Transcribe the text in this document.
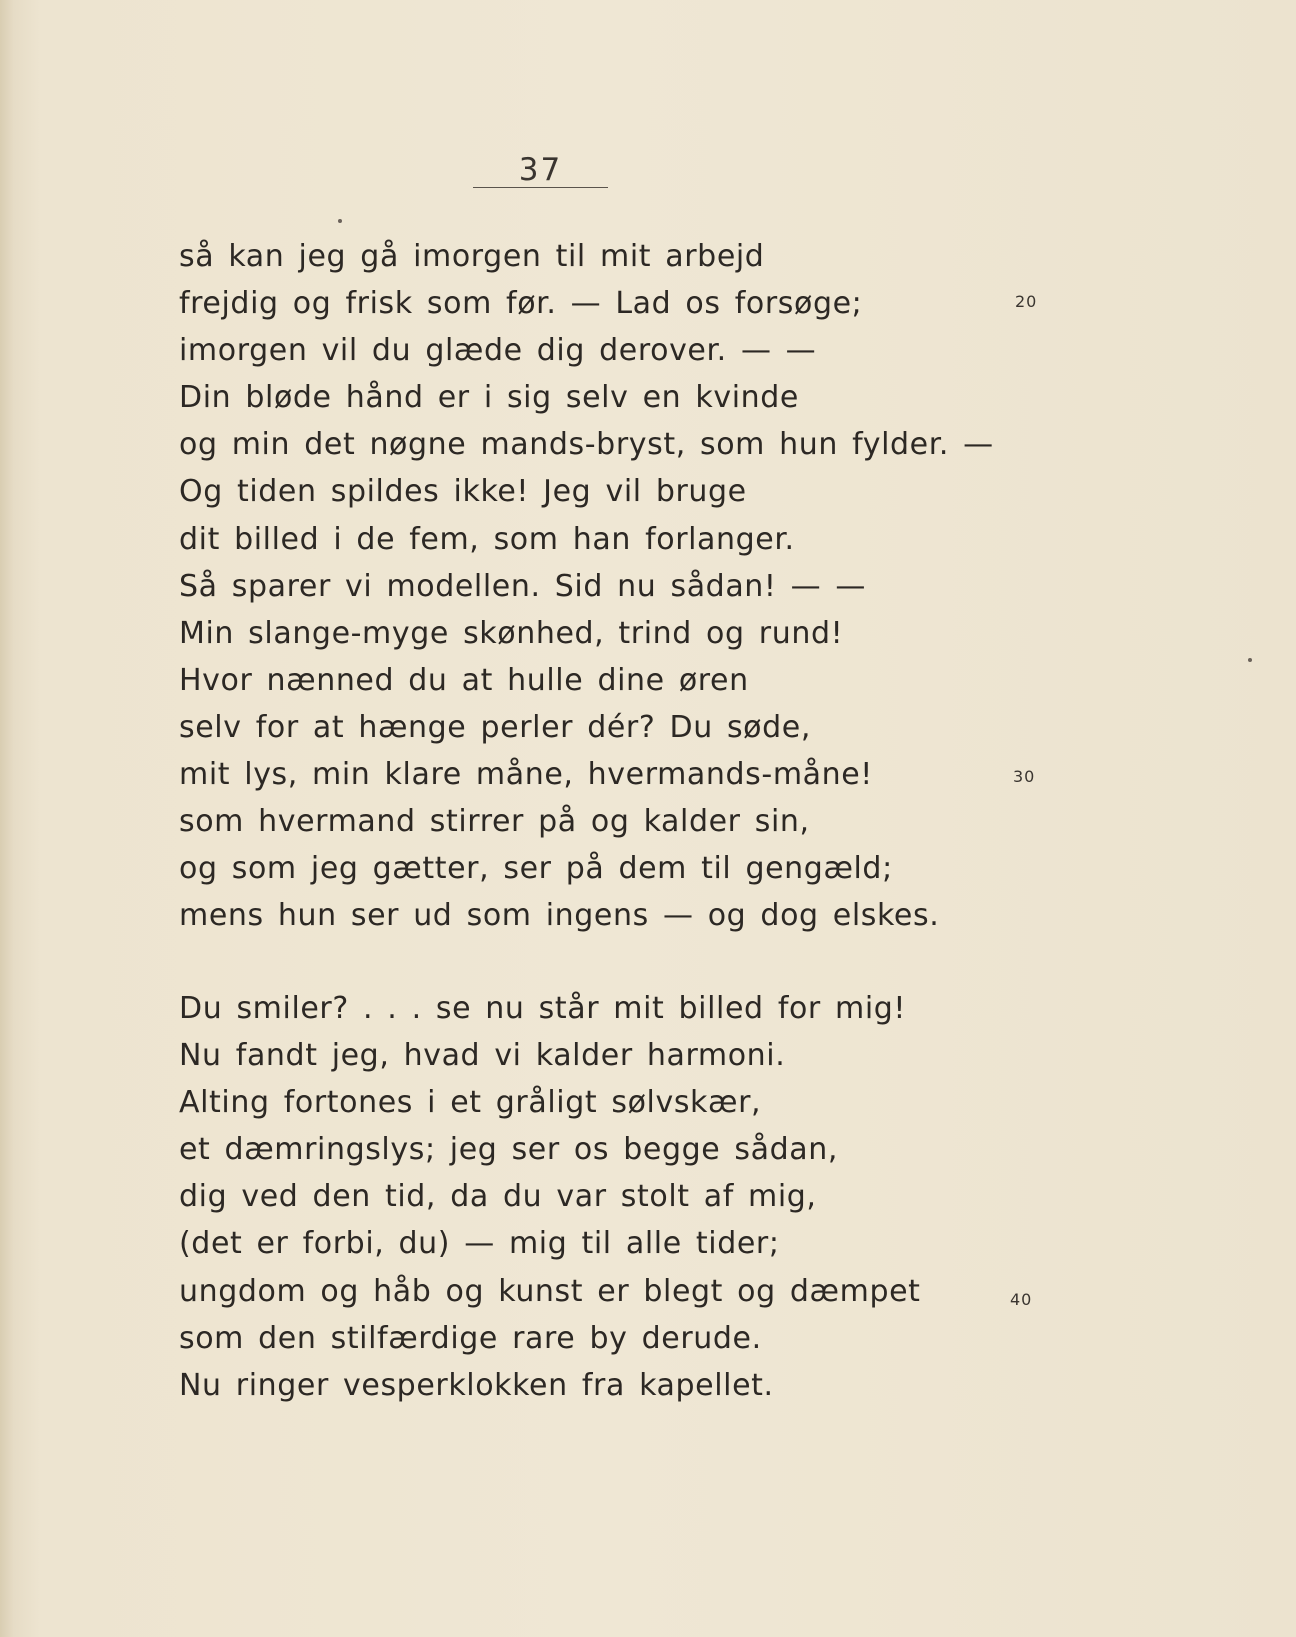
37
så kan jeg gå imorgen til mit arbejd
frejdig og frisk som før. — Lad os forsøge;
imorgen vil du glæde dig derover. — —
Din bløde hånd er i sig selv en kvinde
og min det nøgne mands-bryst, som hun fylder. —
Og tiden spildes ikke! Jeg vil bruge
dit billed i de fem, som han forlanger.
Så sparer vi modellen. Sid nu sådan! — —
Min slange-myge skønhed, trind og rund!
Hvor nænned du at hulle dine øren
selv for at hænge perler dér? Du søde,
mit lys, min klare måne, hvermands-måne!
som hvermand stirrer på og kalder sin,
og som jeg gætter, ser på dem til gengæld;
mens hun ser ud som ingens — og dog elskes.
Du smiler? . . . se nu står mit billed for mig!
Nu fandt jeg, hvad vi kalder harmoni.
Alting fortones i et gråligt sølvskær,
et dæmringslys; jeg ser os begge sådan,
dig ved den tid, da du var stolt af mig,
(det er forbi, du) — mig til alle tider;
ungdom og håb og kunst er blegt og dæmpet
som den stilfærdige rare by derude.
Nu ringer vesperklokken fra kapellet.
20
30
40
